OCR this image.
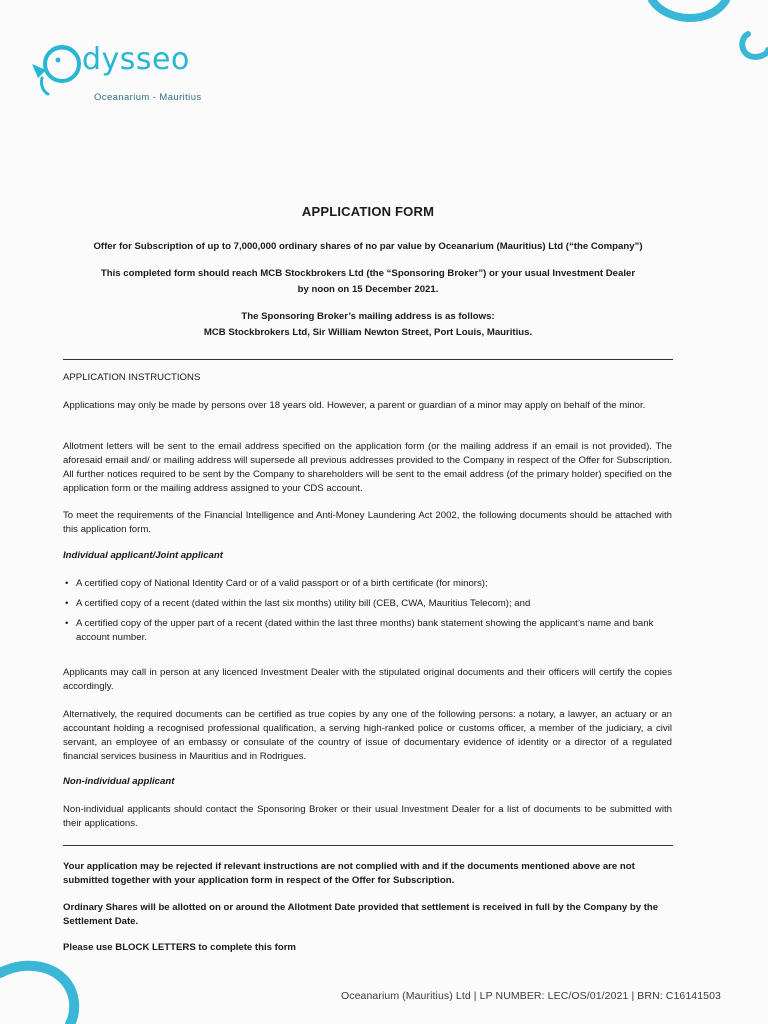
dysseo
Oceanarium - Mauritius
APPLICATION FORM
Offer for Subscription of up to 7,000,000 ordinary shares of no par value by Oceanarium (Mauritius) Ltd (“the Company”)
This completed form should reach MCB Stockbrokers Ltd (the “Sponsoring Broker”) or your usual Investment Dealer
by noon on 15 December 2021.
The Sponsoring Broker’s mailing address is as follows:
MCB Stockbrokers Ltd, Sir William Newton Street, Port Louis, Mauritius.
APPLICATION INSTRUCTIONS

Applications may only be made by persons over 18 years old. However, a parent or guardian of a minor may apply on behalf of the minor.

Allotment letters will be sent to the email address specified on the application form (or the mailing address if an email is not provided). The aforesaid email and/ or mailing address will supersede all previous addresses provided to the Company in respect of the Offer for Subscription. All further notices required to be sent by the Company to shareholders will be sent to the email address (of the primary holder) specified on the application form or the mailing address assigned to your CDS account.

To meet the requirements of the Financial Intelligence and Anti-Money Laundering Act 2002, the following documents should be attached with this application form.

Individual applicant/Joint applicant
• A certified copy of National Identity Card or of a valid passport or of a birth certificate (for minors);
• A certified copy of a recent (dated within the last six months) utility bill (CEB, CWA, Mauritius Telecom); and
• A certified copy of the upper part of a recent (dated within the last three months) bank statement showing the applicant’s name and bank account number.

Applicants may call in person at any licenced Investment Dealer with the stipulated original documents and their officers will certify the copies accordingly.

Alternatively, the required documents can be certified as true copies by any one of the following persons: a notary, a lawyer, an actuary or an accountant holding a recognised professional qualification, a serving high-ranked police or customs officer, a member of the judiciary, a civil servant, an employee of an embassy or consulate of the country of issue of documentary evidence of identity or a director of a regulated financial services business in Mauritius and in Rodrigues.

Non-individual applicant

Non-individual applicants should contact the Sponsoring Broker or their usual Investment Dealer for a list of documents to be submitted with their applications.

Your application may be rejected if relevant instructions are not complied with and if the documents mentioned above are not submitted together with your application form in respect of the Offer for Subscription.

Ordinary Shares will be allotted on or around the Allotment Date provided that settlement is received in full by the Company by the Settlement Date.

Please use BLOCK LETTERS to complete this form

Oceanarium (Mauritius) Ltd | LP NUMBER: LEC/OS/01/2021 | BRN: C16141503
